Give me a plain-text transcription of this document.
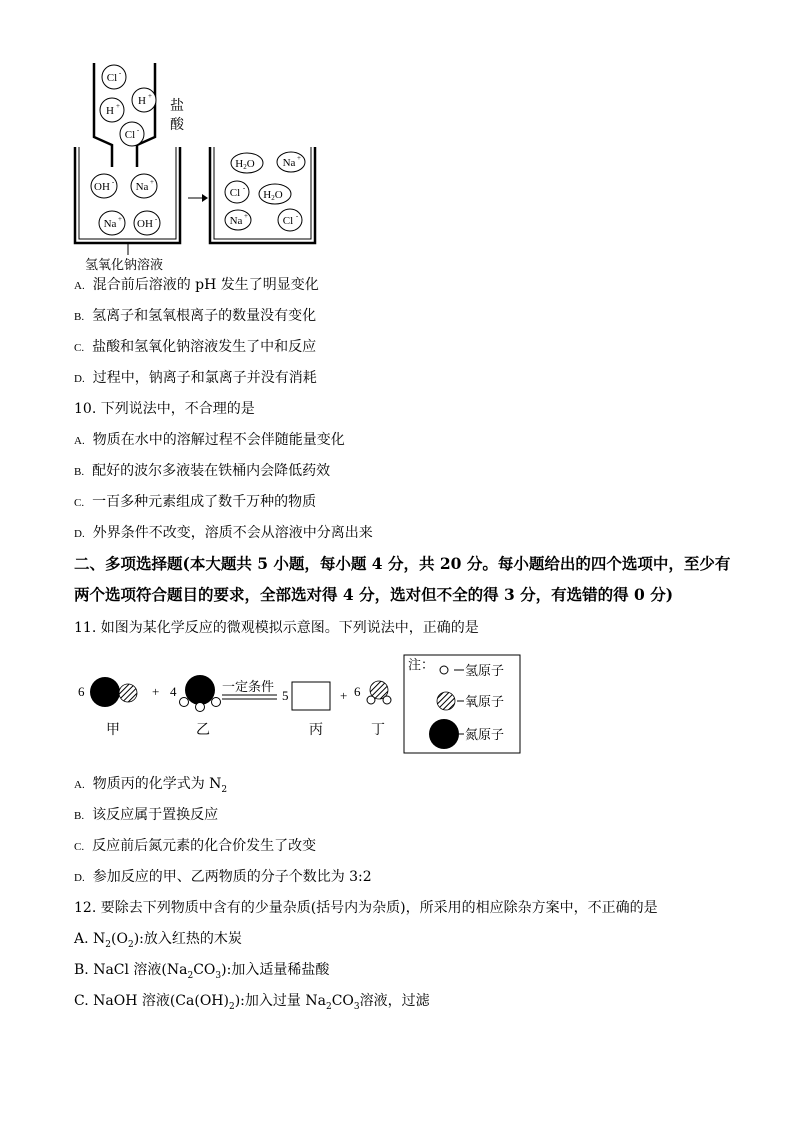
Cl -
H +
H +
Cl -
盐
酸
OH - Na +
Na + OH -
H2O	Na +
Cl -
H2O
Na +	Cl -
氢氧化钠溶液
A. 混合前后溶液的 pH 发生了明显变化
B. 氢离子和氢氧根离子的数量没有变化
C. 盐酸和氢氧化钠溶液发生了中和反应
D. 过程中，钠离子和氯离子并没有消耗
10. 下列说法中，不合理的是
A. 物质在水中的溶解过程不会伴随能量变化
B. 配好的波尔多液装在铁桶内会降低药效
C. 一百多种元素组成了数千万种的物质
D. 外界条件不改变，溶质不会从溶液中分离出来
二、多项选择题(本大题共 5 小题，每小题 4 分，共 20 分。每小题给出的四个选项中，至少有
两个选项符合题目的要求，全部选对得 4 分，选对但不全的得 3 分，有选错的得 0 分)
11. 如图为某化学反应的微观模拟示意图。下列说法中，正确的是
6	+ 4	5	+ 6
一定条件
甲	乙	丙	丁
注： 氢原子
氧原子
氮原子
A. 物质丙的化学式为 $N_2$
B. 该反应属于置换反应
C. 反应前后氮元素的化合价发生了改变
D. 参加反应的甲、乙两物质的分子个数比为 3:2
12. 要除去下列物质中含有的少量杂质(括号内为杂质)，所采用的相应除杂方案中，不正确的是
A. $N_2(O_2)$:放入红热的木炭
B. NaCl 溶液$(Na_2CO_3)$:加入适量稀盐酸
C. NaOH 溶液$(Ca(OH)_2)$:加入过量 $Na_2CO_3$溶液，过滤
